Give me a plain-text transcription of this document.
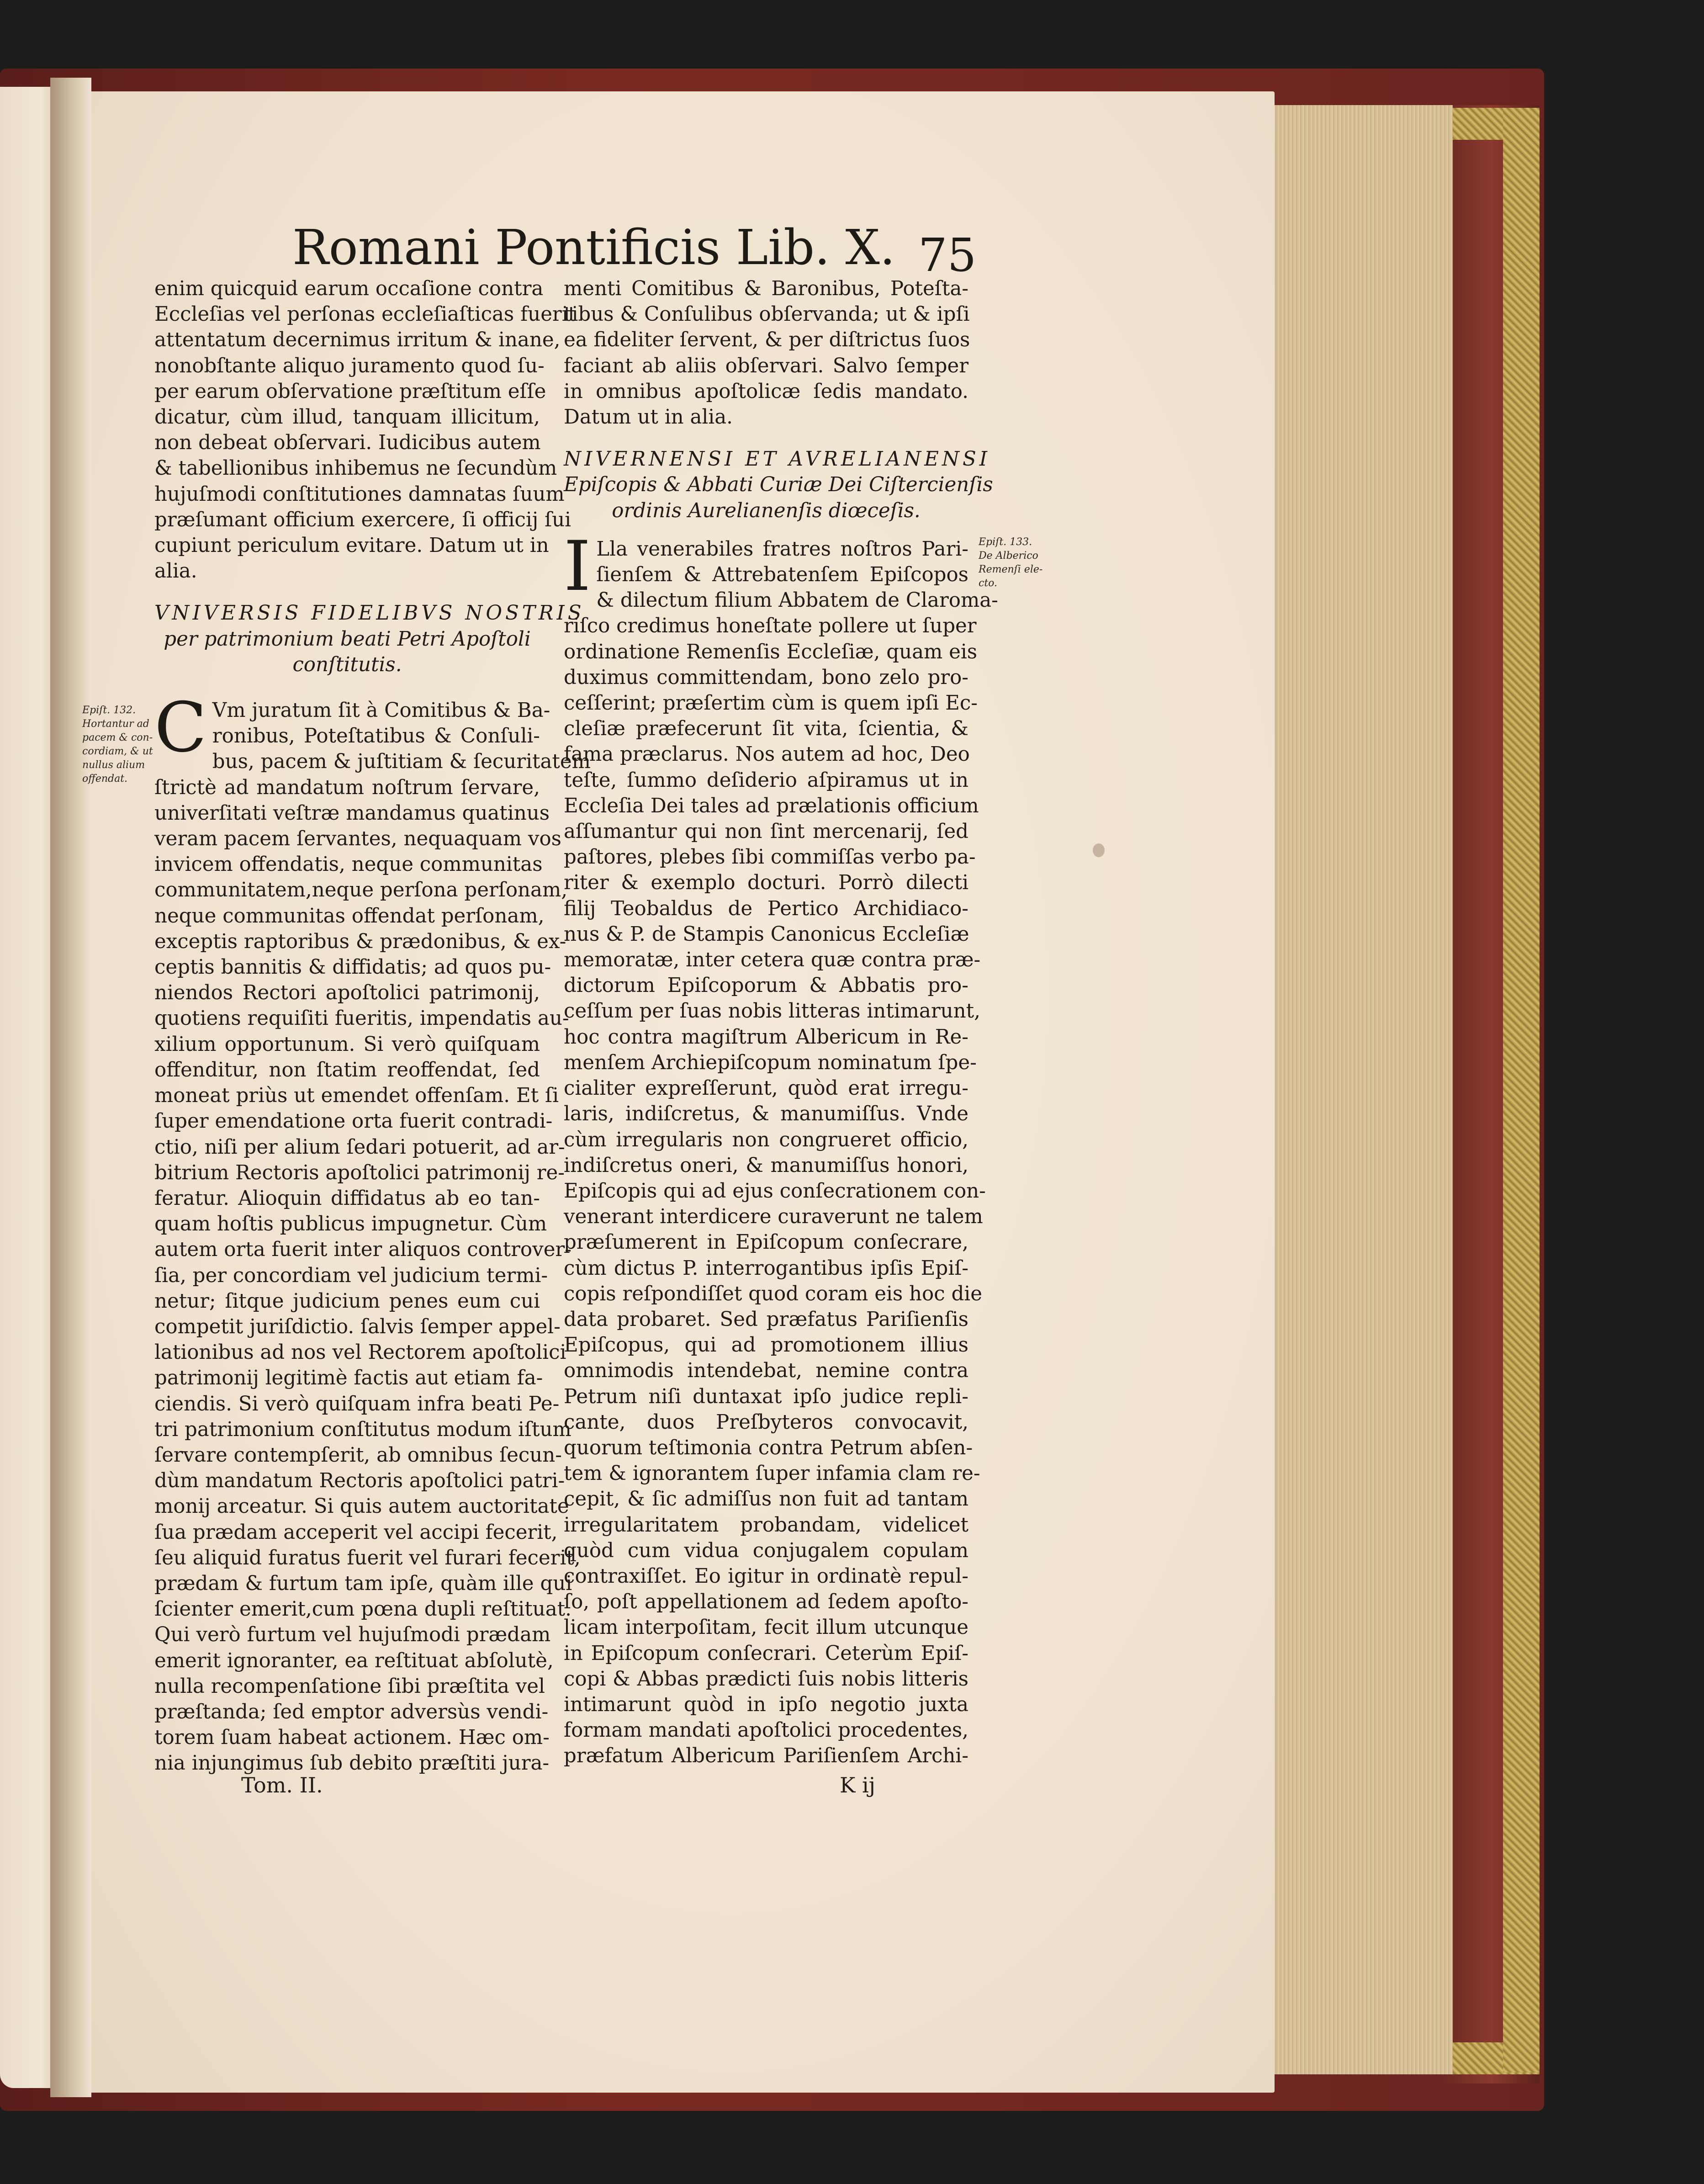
Romani Pontificis Lib. X. 75
enim quicquid earum occaſione contra
Eccleſias vel perſonas eccleſiaſticas fuerit
attentatum decernimus irritum & inane,
nonobſtante aliquo juramento quod ſu-
per earum obſervatione præſtitum eſſe
dicatur, cùm illud, tanquam illicitum,
non debeat obſervari. Iudicibus autem
& tabellionibus inhibemus ne ſecundùm
hujuſmodi conſtitutiones damnatas ſuum
præſumant officium exercere, ſi officij ſui
cupiunt periculum evitare. Datum ut in
alia.
VNIVERSIS FIDELIBVS NOSTRIS
per patrimonium beati Petri Apoſtoli
conſtitutis.
C Vm juratum ſit à Comitibus & Ba-
ronibus, Poteſtatibus & Conſuli-
bus, pacem & juſtitiam & ſecuritatem
ſtrictè ad mandatum noſtrum ſervare,
univerſitati veſtræ mandamus quatinus
veram pacem ſervantes, nequaquam vos
invicem offendatis, neque communitas
communitatem,neque perſona perſonam,
neque communitas offendat perſonam,
exceptis raptoribus & prædonibus, & ex-
ceptis bannitis & diffidatis; ad quos pu-
niendos Rectori apoſtolici patrimonij,
quotiens requiſiti fueritis, impendatis au-
xilium opportunum. Si verò quiſquam
offenditur, non ſtatim reoffendat, ſed
moneat priùs ut emendet offenſam. Et ſi
ſuper emendatione orta fuerit contradi-
ctio, niſi per alium ſedari potuerit, ad ar-
bitrium Rectoris apoſtolici patrimonij re-
feratur. Alioquin diffidatus ab eo tan-
quam hoſtis publicus impugnetur. Cùm
autem orta fuerit inter aliquos controver-
ſia, per concordiam vel judicium termi-
netur; ſitque judicium penes eum cui
competit juriſdictio. ſalvis ſemper appel-
lationibus ad nos vel Rectorem apoſtolici
patrimonij legitimè factis aut etiam fa-
ciendis. Si verò quiſquam infra beati Pe-
tri patrimonium conſtitutus modum iſtum
ſervare contempſerit, ab omnibus ſecun-
dùm mandatum Rectoris apoſtolici patri-
monij arceatur. Si quis autem auctoritate
ſua prædam acceperit vel accipi fecerit,
ſeu aliquid furatus fuerit vel furari fecerit,
prædam & furtum tam ipſe, quàm ille qui
ſcienter emerit,cum pœna dupli reſtituat.
Qui verò furtum vel hujuſmodi prædam
emerit ignoranter, ea reſtituat abſolutè,
nulla recompenſatione ſibi præſtita vel
præſtanda; ſed emptor adversùs vendi-
torem ſuam habeat actionem. Hæc om-
nia injungimus ſub debito præſtiti jura-
Epiſt. 132.
Hortantur ad
pacem & con-
cordiam, & ut
nullus alium
offendat.
menti Comitibus & Baronibus, Poteſta-
tibus & Conſulibus obſervanda; ut & ipſi
ea fideliter ſervent, & per diſtrictus ſuos
faciant ab aliis obſervari. Salvo ſemper
in omnibus apoſtolicæ ſedis mandato.
Datum ut in alia.
NIVERNENSI ET AVRELIANENSI
Epiſcopis & Abbati Curiæ Dei Ciſtercienſis
ordinis Aurelianenſis diœceſis.
I Lla venerabiles fratres noſtros Pari-
ſienſem & Attrebatenſem Epiſcopos
& dilectum filium Abbatem de Claroma-
riſco credimus honeſtate pollere ut ſuper
ordinatione Remenſis Eccleſiæ, quam eis
duximus committendam, bono zelo pro-
ceſſerint; præſertim cùm is quem ipſi Ec-
cleſiæ præfecerunt ſit vita, ſcientia, &
fama præclarus. Nos autem ad hoc, Deo
teſte, ſummo deſiderio aſpiramus ut in
Eccleſia Dei tales ad prælationis officium
aſſumantur qui non ſint mercenarij, ſed
paſtores, plebes ſibi commiſſas verbo pa-
riter & exemplo docturi. Porrò dilecti
filij Teobaldus de Pertico Archidiaco-
nus & P. de Stampis Canonicus Eccleſiæ
memoratæ, inter cetera quæ contra præ-
dictorum Epiſcoporum & Abbatis pro-
ceſſum per ſuas nobis litteras intimarunt,
hoc contra magiſtrum Albericum in Re-
menſem Archiepiſcopum nominatum ſpe-
cialiter expreſſerunt, quòd erat irregu-
laris, indiſcretus, & manumiſſus. Vnde
cùm irregularis non congrueret officio,
indiſcretus oneri, & manumiſſus honori,
Epiſcopis qui ad ejus conſecrationem con-
venerant interdicere curaverunt ne talem
præſumerent in Epiſcopum conſecrare,
cùm dictus P. interrogantibus ipſis Epiſ-
copis reſpondiſſet quod coram eis hoc die
data probaret. Sed præfatus Pariſienſis
Epiſcopus, qui ad promotionem illius
omnimodis intendebat, nemine contra
Petrum niſi duntaxat ipſo judice repli-
cante, duos Preſbyteros convocavit,
quorum teſtimonia contra Petrum abſen-
tem & ignorantem ſuper infamia clam re-
cepit, & ſic admiſſus non fuit ad tantam
irregularitatem probandam, videlicet
quòd cum vidua conjugalem copulam
contraxiſſet. Eo igitur in ordinatè repul-
ſo, poſt appellationem ad ſedem apoſto-
licam interpoſitam, fecit illum utcunque
in Epiſcopum conſecrari. Ceterùm Epiſ-
copi & Abbas prædicti ſuis nobis litteris
intimarunt quòd in ipſo negotio juxta
formam mandati apoſtolici procedentes,
præfatum Albericum Pariſienſem Archi-
Epiſt. 133.
De Alberico
Remenſi ele-
cto.
Tom. II.	K ij
